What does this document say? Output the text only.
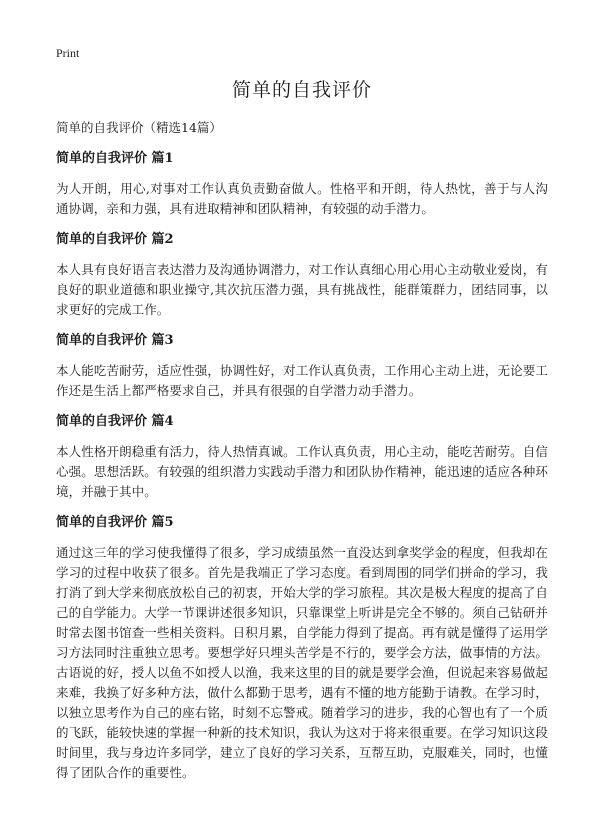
Print
简单的自我评价
简单的自我评价（精选14篇）
简单的自我评价 篇1
为人开朗，用心,对事对工作认真负责勤奋做人。性格平和开朗，待人热忱，善于与人沟通协调，亲和力强，具有进取精神和团队精神，有较强的动手潜力。
简单的自我评价 篇2
本人具有良好语言表达潜力及沟通协调潜力，对工作认真细心用心用心主动敬业爱岗，有良好的职业道德和职业操守,其次抗压潜力强，具有挑战性，能群策群力，团结同事，以求更好的完成工作。
简单的自我评价 篇3
本人能吃苦耐劳，适应性强，协调性好，对工作认真负责，工作用心主动上进，无论要工作还是生活上都严格要求自己，并具有很强的自学潜力动手潜力。
简单的自我评价 篇4
本人性格开朗稳重有活力，待人热情真诚。工作认真负责，用心主动，能吃苦耐劳。自信心强。思想活跃。有较强的组织潜力实践动手潜力和团队协作精神，能迅速的适应各种环境，并融于其中。
简单的自我评价 篇5
通过这三年的学习使我懂得了很多，学习成绩虽然一直没达到拿奖学金的程度，但我却在学习的过程中收获了很多。首先是我端正了学习态度。看到周围的同学们拼命的学习，我打消了到大学来彻底放松自己的初衷，开始大学的学习旅程。其次是极大程度的提高了自己的自学能力。大学一节课讲述很多知识，只靠课堂上听讲是完全不够的。须自己钻研并时常去图书馆查一些相关资料。日积月累，自学能力得到了提高。再有就是懂得了运用学习方法同时注重独立思考。要想学好只埋头苦学是不行的，要学会方法，做事情的方法。古语说的好，授人以鱼不如授人以渔，我来这里的目的就是要学会渔，但说起来容易做起来难，我换了好多种方法，做什么都勤于思考，遇有不懂的地方能勤于请教。在学习时，以独立思考作为自己的座右铭，时刻不忘警戒。随着学习的进步，我的心智也有了一个质的飞跃，能较快速的掌握一种新的技术知识，我认为这对于将来很重要。在学习知识这段时间里，我与身边许多同学，建立了良好的学习关系，互帮互助，克服难关，同时，也懂得了团队合作的重要性。
